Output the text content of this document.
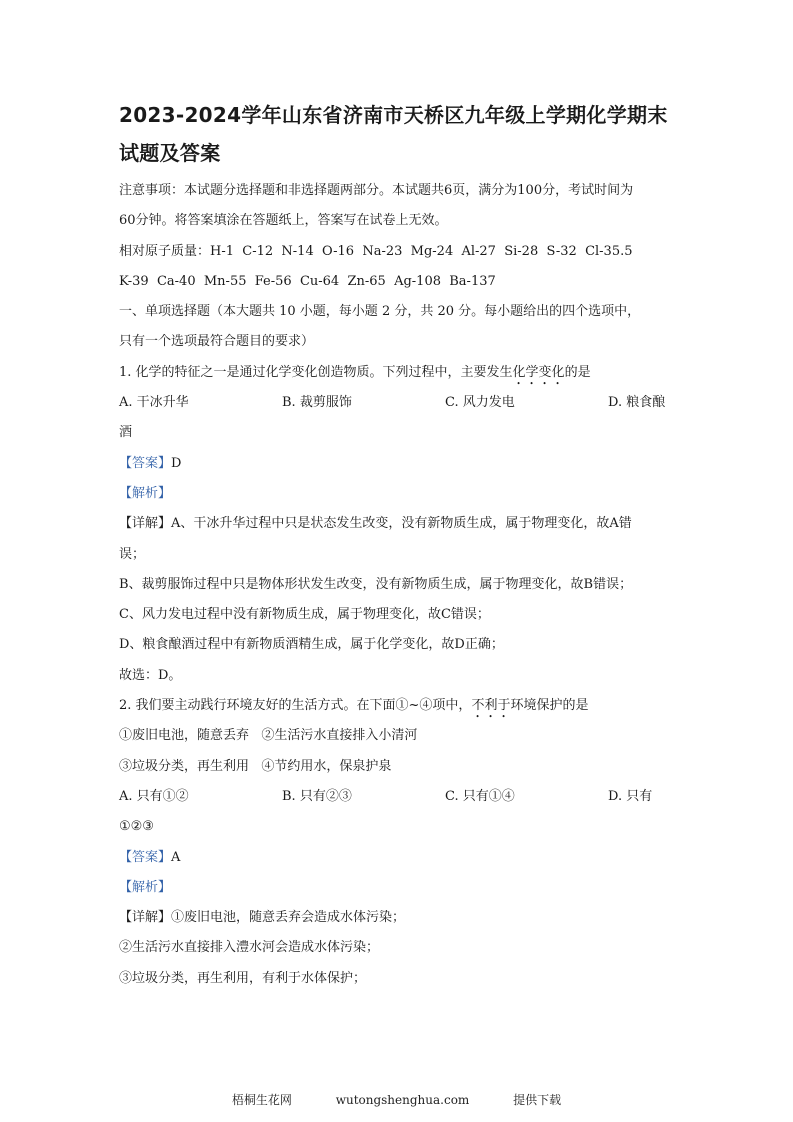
2023-2024学年山东省济南市天桥区九年级上学期化学期末
试题及答案

注意事项：本试题分选择题和非选择题两部分。本试题共6页，满分为100分，考试时间为

60分钟。将答案填涂在答题纸上，答案写在试卷上无效。

相对原子质量：H-1  C-12  N-14  O-16  Na-23  Mg-24  Al-27  Si-28  S-32  Cl-35.5

K-39  Ca-40  Mn-55  Fe-56  Cu-64  Zn-65  Ag-108  Ba-137

一、单项选择题（本大题共 10 小题，每小题 2 分，共 20 分。每小题给出的四个选项中，

只有一个选项最符合题目的要求）

1. 化学的特征之一是通过化学变化创造物质。下列过程中，主要发生化学变化的是

A. 干冰升华	B. 裁剪服饰	C. 风力发电	D. 粮食酿

酒

【答案】D

【解析】

【详解】A、干冰升华过程中只是状态发生改变，没有新物质生成，属于物理变化，故A错

误；

B、裁剪服饰过程中只是物体形状发生改变，没有新物质生成，属于物理变化，故B错误；

C、风力发电过程中没有新物质生成，属于物理变化，故C错误；

D、粮食酿酒过程中有新物质酒精生成，属于化学变化，故D正确；

故选：D。

2. 我们要主动践行环境友好的生活方式。在下面①~④项中，不利于环境保护的是

①废旧电池，随意丢弃   ②生活污水直接排入小清河

③垃圾分类，再生利用   ④节约用水，保泉护泉

A. 只有①②	B. 只有②③	C. 只有①④	D. 只有

①②③

【答案】A

【解析】

【详解】①废旧电池，随意丢弃会造成水体污染；

②生活污水直接排入澧水河会造成水体污染；

③垃圾分类，再生利用，有利于水体保护；

梧桐生花网	wutongshenghua.com	提供下载
